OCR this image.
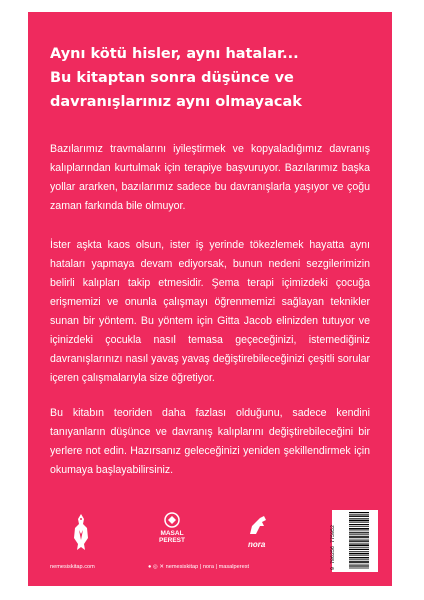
Aynı kötü hisler, aynı hatalar...
Bu kitaptan sonra düşünce ve
davranışlarınız aynı olmayacak

Bazılarımız travmalarını iyileştirmek ve kopyaladığımız davranış kalıplarından kurtulmak için terapiye başvuruyor. Bazılarımız başka yollar ararken, bazılarımız sadece bu davranışlarla yaşıyor ve çoğu zaman farkında bile olmuyor.

İster aşkta kaos olsun, ister iş yerinde tökezlemek hayatta aynı hataları yapmaya devam ediyorsak, bunun nedeni sezgilerimizin belirli kalıpları takip etmesidir. Şema terapi içimizdeki çocuğa erişmemizi ve onunla çalışmayı öğrenmemizi sağlayan teknikler sunan bir yöntem. Bu yöntem için Gitta Jacob elinizden tutuyor ve içinizdeki çocukla nasıl temasa geçeceğinizi, istemediğiniz davranışlarınızı nasıl yavaş yavaş değiştirebileceğinizi çeşitli sorular içeren çalışmalarıyla size öğretiyor.

Bu kitabın teoriden daha fazlası olduğunu, sadece kendini tanıyanların düşünce ve davranış kalıplarını değiştirebileceğini bir yerlere not edin. Hazırsanız geleceğinizi yeniden şekillendirmek için okumaya başlayabilirsiniz.

MASAL PEREST	nora
nemesiskitap.com	● ◎ ✕ nemesiskitap | nora | masalperest	9 786256 775952
